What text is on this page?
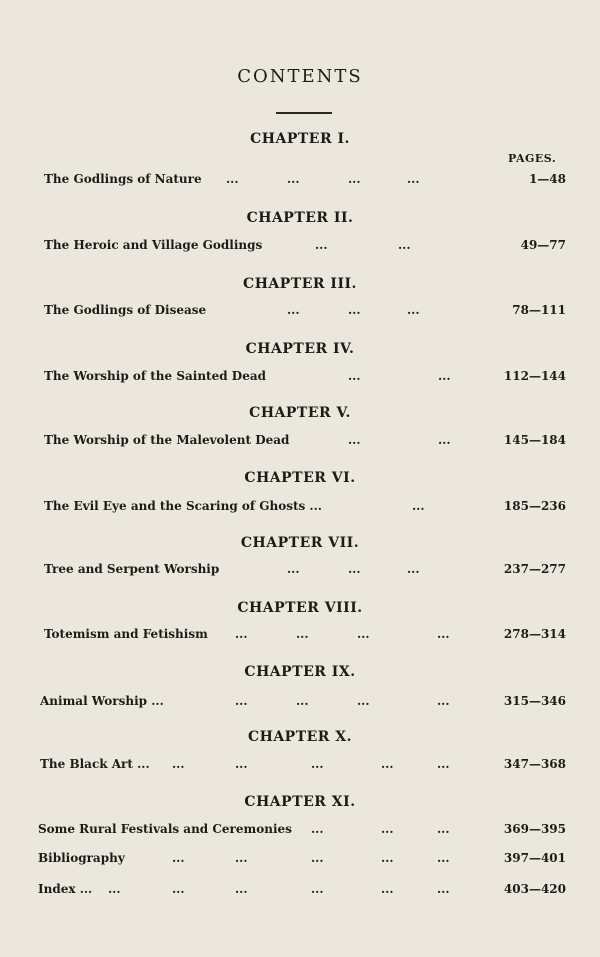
CONTENTS
PAGES.
CHAPTER I.
The Godlings of Nature ...	...	...	...	1—48
CHAPTER II.
The Heroic and Village Godlings	...	...	49—77
CHAPTER III.
The Godlings of Disease	...	...	...	78—111
CHAPTER IV.
The Worship of the Sainted Dead	...	...	112—144
CHAPTER V.
The Worship of the Malevolent Dead	...	...	145—184
CHAPTER VI.
The Evil Eye and the Scaring of Ghosts ...	...	185—236
CHAPTER VII.
Tree and Serpent Worship	...	...	...	237—277
CHAPTER VIII.
Totemism and Fetishism ...	...	...	...	278—314
CHAPTER IX.
Animal Worship ...	...	...	...	...	315—346
CHAPTER X.
The Black Art ... ...	...	...	...	...	347—368
CHAPTER XI.
Some Rural Festivals and Ceremonies ...	...	...	369—395
Bibliography	...	...	...	...	...	397—401
Index ... ...	...	...	...	...	...	403—420
